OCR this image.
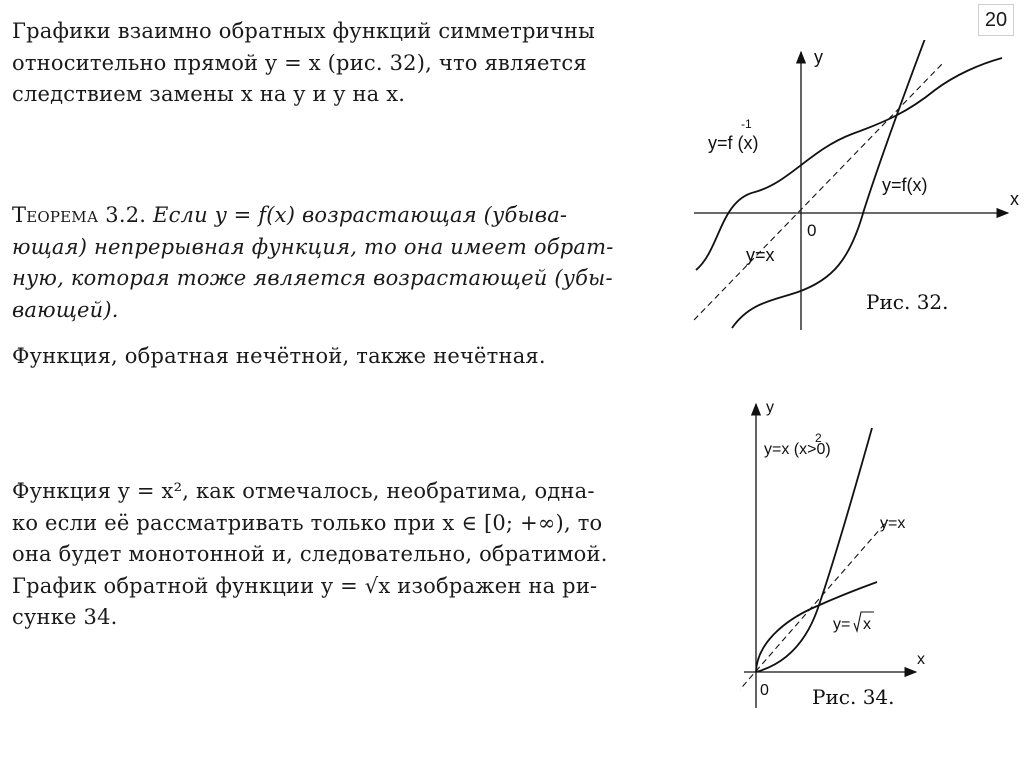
20
Графики взаимно обратных функций симметричны
относительно прямой y = x (рис. 32), что является
следствием замены x на y и y на x.
Теорема 3.2. Если y = f(x) возрастающая (убыва-
ющая) непрерывная функция, то она имеет обрат-
ную, которая тоже является возрастающей (убы-
вающей).
Функция, обратная нечётной, также нечётная.
Функция y = x², как отмечалось, необратима, одна-
ко если её рассматривать только при x ∈ [0; +∞), то
она будет монотонной и, следовательно, обратимой.
График обратной функции y = √x изображен на ри-
сунке 34.
y
x
0
y=f (x)
-1
y=f(x)
y=x
Рис. 32.
y
x
0
y=x (x>0)
2
y=x
y= x
Рис. 34.
